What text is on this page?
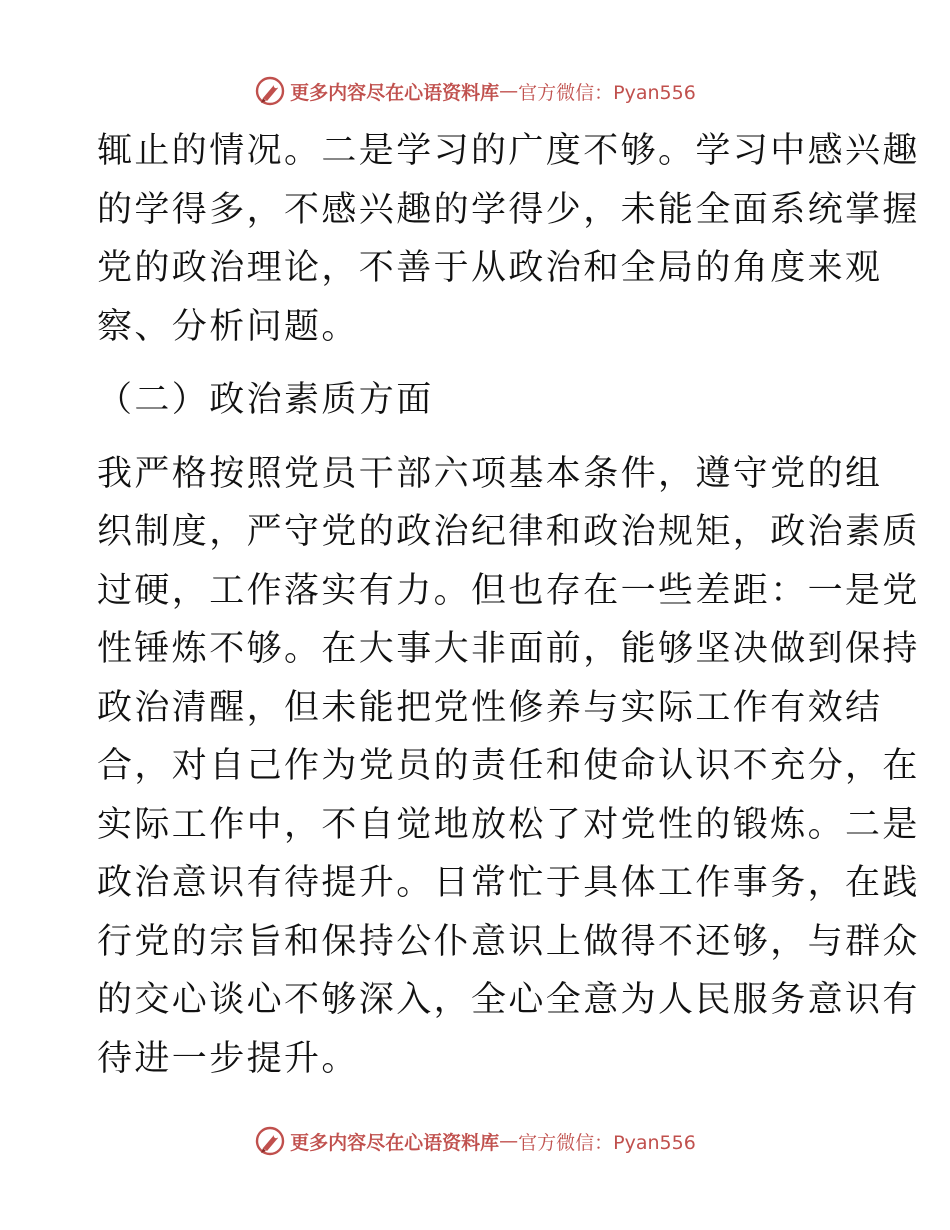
更多内容尽在心语资料库 — 官方微信：Pyan556
辄止的情况。二是学习的广度不够。学习中感兴趣
的学得多，不感兴趣的学得少，未能全面系统掌握
党的政治理论，不善于从政治和全局的角度来观
察、分析问题。
（二）政治素质方面
我严格按照党员干部六项基本条件，遵守党的组
织制度，严守党的政治纪律和政治规矩，政治素质
过硬，工作落实有力。但也存在一些差距：一是党
性锤炼不够。在大事大非面前，能够坚决做到保持
政治清醒，但未能把党性修养与实际工作有效结
合，对自己作为党员的责任和使命认识不充分，在
实际工作中，不自觉地放松了对党性的锻炼。二是
政治意识有待提升。日常忙于具体工作事务，在践
行党的宗旨和保持公仆意识上做得不还够，与群众
的交心谈心不够深入，全心全意为人民服务意识有
待进一步提升。
更多内容尽在心语资料库 — 官方微信：Pyan556
